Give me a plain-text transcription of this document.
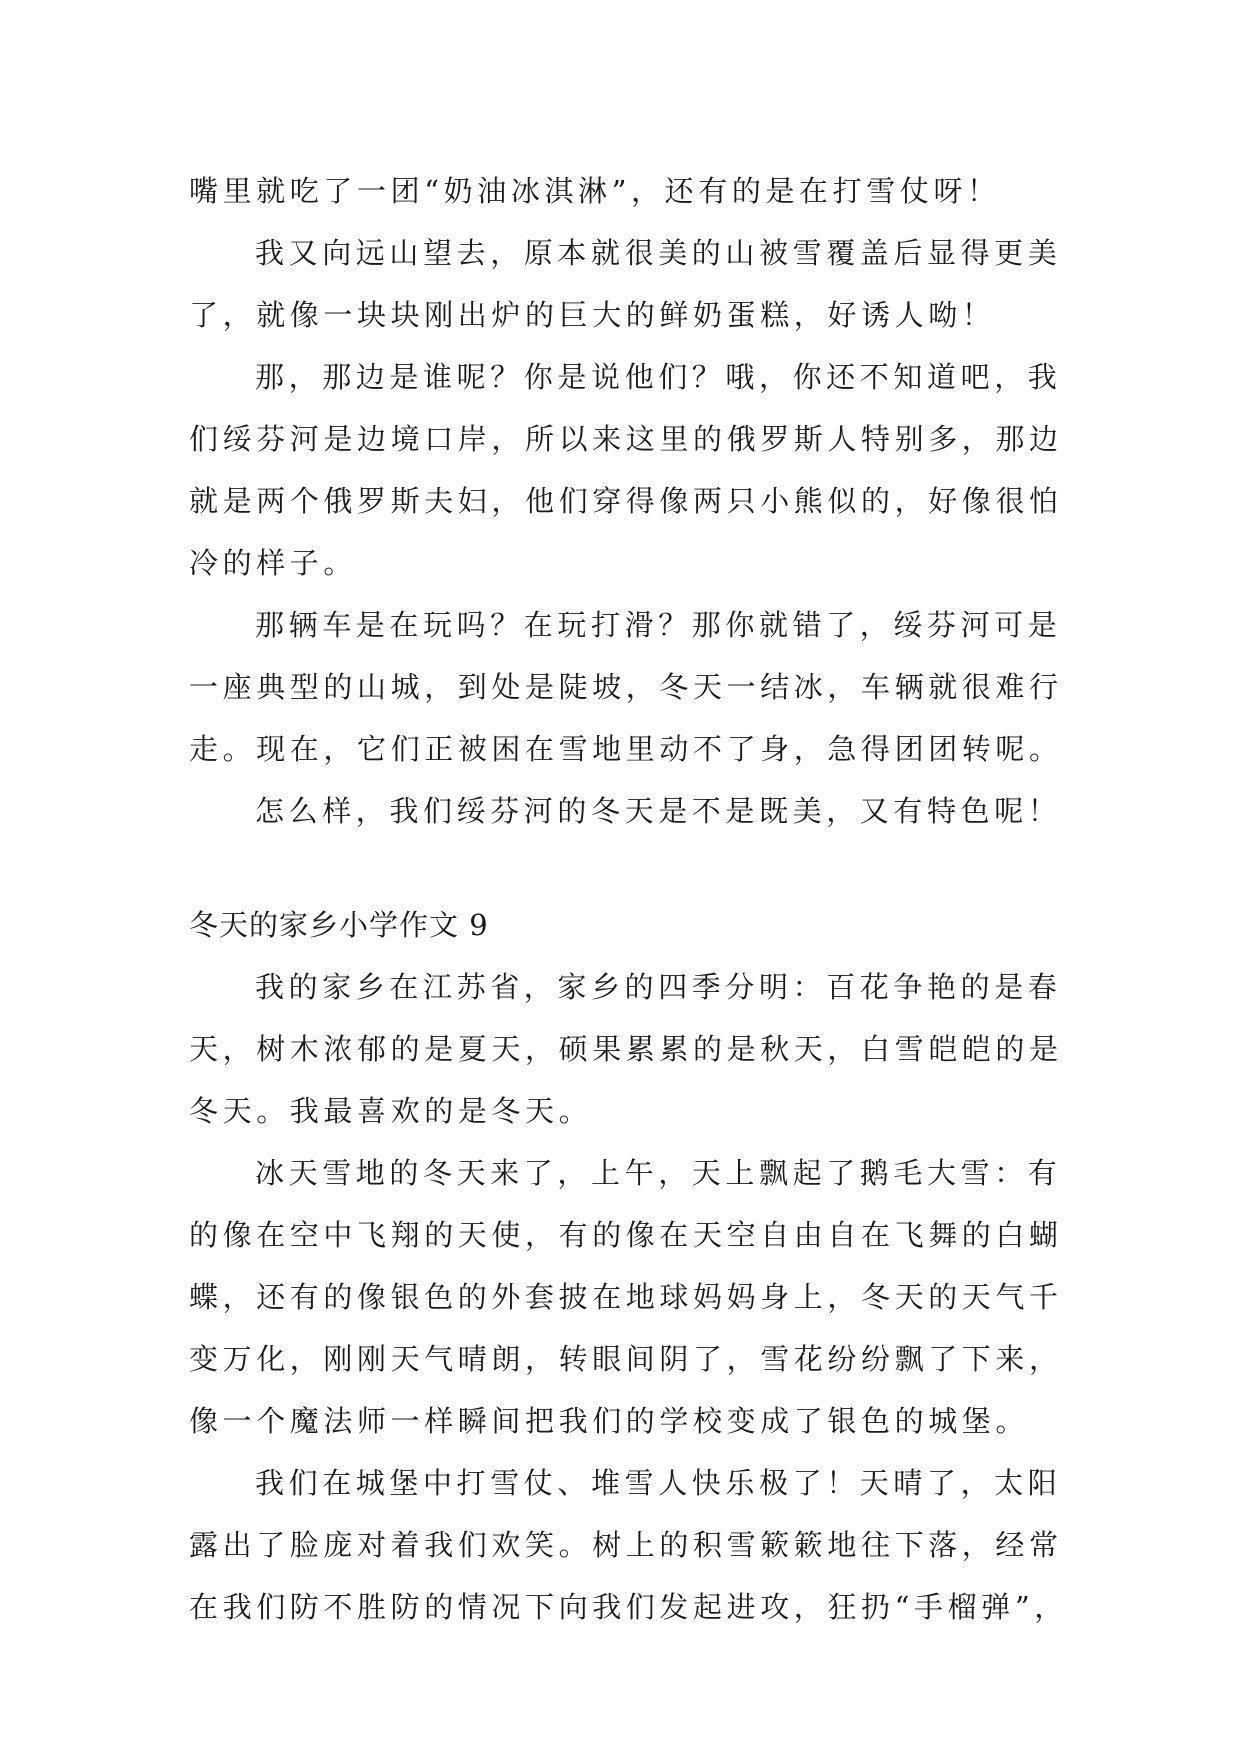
嘴里就吃了一团“奶油冰淇淋”，还有的是在打雪仗呀！
我又向远山望去，原本就很美的山被雪覆盖后显得更美
了，就像一块块刚出炉的巨大的鲜奶蛋糕，好诱人呦！
那，那边是谁呢？你是说他们？哦，你还不知道吧，我
们绥芬河是边境口岸，所以来这里的俄罗斯人特别多，那边
就是两个俄罗斯夫妇，他们穿得像两只小熊似的，好像很怕
冷的样子。
那辆车是在玩吗？在玩打滑？那你就错了，绥芬河可是
一座典型的山城，到处是陡坡，冬天一结冰，车辆就很难行
走。现在，它们正被困在雪地里动不了身，急得团团转呢。
怎么样，我们绥芬河的冬天是不是既美，又有特色呢！
冬天的家乡小学作文 9
我的家乡在江苏省，家乡的四季分明：百花争艳的是春
天，树木浓郁的是夏天，硕果累累的是秋天，白雪皑皑的是
冬天。我最喜欢的是冬天。
冰天雪地的冬天来了，上午，天上飘起了鹅毛大雪：有
的像在空中飞翔的天使，有的像在天空自由自在飞舞的白蝴
蝶，还有的像银色的外套披在地球妈妈身上，冬天的天气千
变万化，刚刚天气晴朗，转眼间阴了，雪花纷纷飘了下来，
像一个魔法师一样瞬间把我们的学校变成了银色的城堡。
我们在城堡中打雪仗、堆雪人快乐极了！天晴了，太阳
露出了脸庞对着我们欢笑。树上的积雪簌簌地往下落，经常
在我们防不胜防的情况下向我们发起进攻，狂扔“手榴弹”，
